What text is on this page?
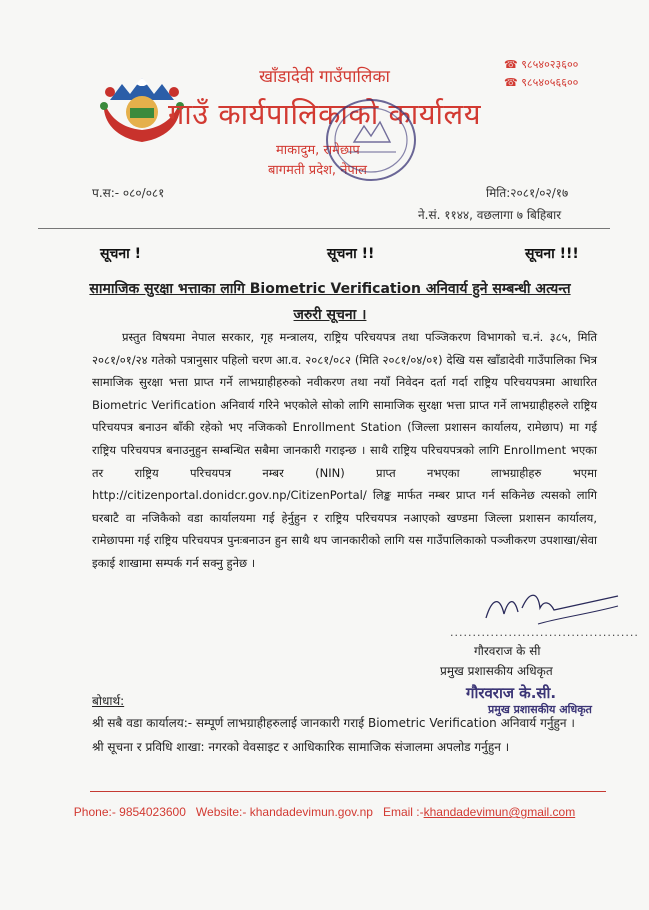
खाँडादेवी गाउँपालिका
गाउँ कार्यपालिकाको कार्यालय
माकादुम, रामेछाप
बागमती प्रदेश, नेपाल
☎ ९८५४०२३६००
☎ ९८५४०५६६००
प.स:- ०८०/०८१	मिति:२०८१/०२/१७
ने.सं. ११४४, वछलागा ७ बिहिबार
सूचना !	सूचना !!	सूचना !!!
सामाजिक सुरक्षा भत्ताका लागि Biometric Verification अनिवार्य हुने सम्बन्धी अत्यन्त
जरुरी सूचना ।
प्रस्तुत विषयमा नेपाल सरकार, गृह मन्त्रालय, राष्ट्रिय परिचयपत्र तथा पञ्जिकरण विभागको च.नं. ३८५, मिति २०८१/०१/२४ गतेको पत्रानुसार पहिलो चरण आ.व. २०८१/०८२ (मिति २०८१/०४/०१) देखि यस खाँडादेवी गाउँपालिका भित्र सामाजिक सुरक्षा भत्ता प्राप्त गर्ने लाभग्राहीहरुको नवीकरण तथा नयाँ निवेदन दर्ता गर्दा राष्ट्रिय परिचयपत्रमा आधारित Biometric Verification अनिवार्य गरिने भएकोले सोको लागि सामाजिक सुरक्षा भत्ता प्राप्त गर्ने लाभग्राहीहरुले राष्ट्रिय परिचयपत्र बनाउन बाँकी रहेको भए नजिकको Enrollment Station (जिल्ला प्रशासन कार्यालय, रामेछाप) मा गई राष्ट्रिय परिचयपत्र बनाउनुहुन सम्बन्धित सबैमा जानकारी गराइन्छ । साथै राष्ट्रिय परिचयपत्रको लागि Enrollment भएका तर राष्ट्रिय परिचयपत्र नम्बर (NIN) प्राप्त नभएका लाभग्राहीहरु भएमा http://citizenportal.donidcr.gov.np/CitizenPortal/ लिङ्क मार्फत नम्बर प्राप्त गर्न सकिनेछ त्यसको लागि घरबाटै वा नजिकैको वडा कार्यालयमा गई हेर्नुहुन र राष्ट्रिय परिचयपत्र नआएको खण्डमा जिल्ला प्रशासन कार्यालय, रामेछापमा गई राष्ट्रिय परिचयपत्र पुनःबनाउन हुन साथै थप जानकारीको लागि यस गाउँपालिकाको पञ्जीकरण उपशाखा/सेवा इकाई शाखामा सम्पर्क गर्न सक्नु हुनेछ ।
..........................................
गौरवराज के सी
प्रमुख प्रशासकीय अधिकृत
गौरवराज के.सी.
प्रमुख प्रशासकीय अधिकृत
बोधार्थ:
श्री सबै वडा कार्यालय:- सम्पूर्ण लाभग्राहीहरुलाई जानकारी गराई Biometric Verification अनिवार्य गर्नुहुन ।
श्री सूचना र प्रविधि शाखा: नगरको वेवसाइट र आधिकारिक सामाजिक संजालमा अपलोड गर्नुहुन ।
Phone:- 9854023600 Website:- khandadevimun.gov.np Email :-khandadevimun@gmail.com
